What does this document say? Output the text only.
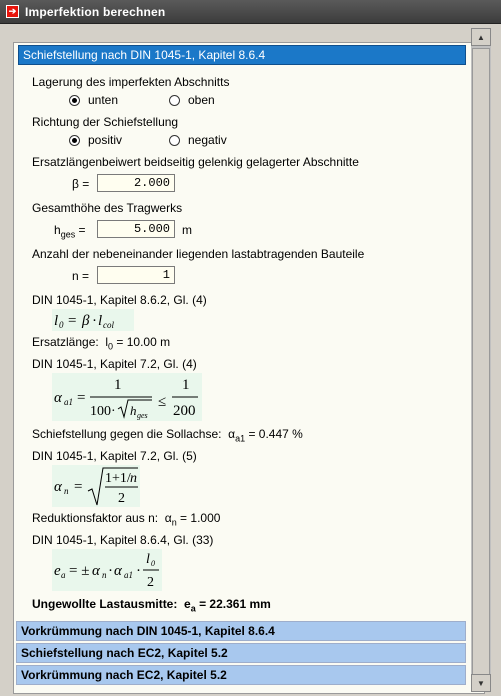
➔ Imperfektion berechnen
Schiefstellung nach DIN 1045-1, Kapitel 8.6.4
Lagerung des imperfekten Abschnitts
unten	oben
Richtung der Schiefstellung
positiv	negativ
Ersatzlängenbeiwert beidseitig gelenkig gelagerter Abschnitte
β =	2.000
Gesamthöhe des Tragwerks
$h_{ges}$ =	5.000	m
Anzahl der nebeneinander liegenden lastabtragenden Bauteile
n =	1
DIN 1045-1, Kapitel 8.6.2, Gl. (4)
l 0 = β · l col
Ersatzlänge: $l_0 = 10.00$ m
DIN 1045-1, Kapitel 7.2, Gl. (4)
α a1 =
1
100· h ges
≤
1
200
Schiefstellung gegen die Sollachse: $\alpha_{a1} = 0.447$ %
DIN 1045-1, Kapitel 7.2, Gl. (5)
α n =
1+1/ n
2
Reduktionsfaktor aus n: $\alpha_n = 1.000$
DIN 1045-1, Kapitel 8.6.4, Gl. (33)
e a = ± α n · α a1 ·
l 0
2
Ungewollte Lastausmitte: $e_a = 22.361$ mm
Vorkrümmung nach DIN 1045-1, Kapitel 8.6.4
Schiefstellung nach EC2, Kapitel 5.2
Vorkrümmung nach EC2, Kapitel 5.2
▲
▼
